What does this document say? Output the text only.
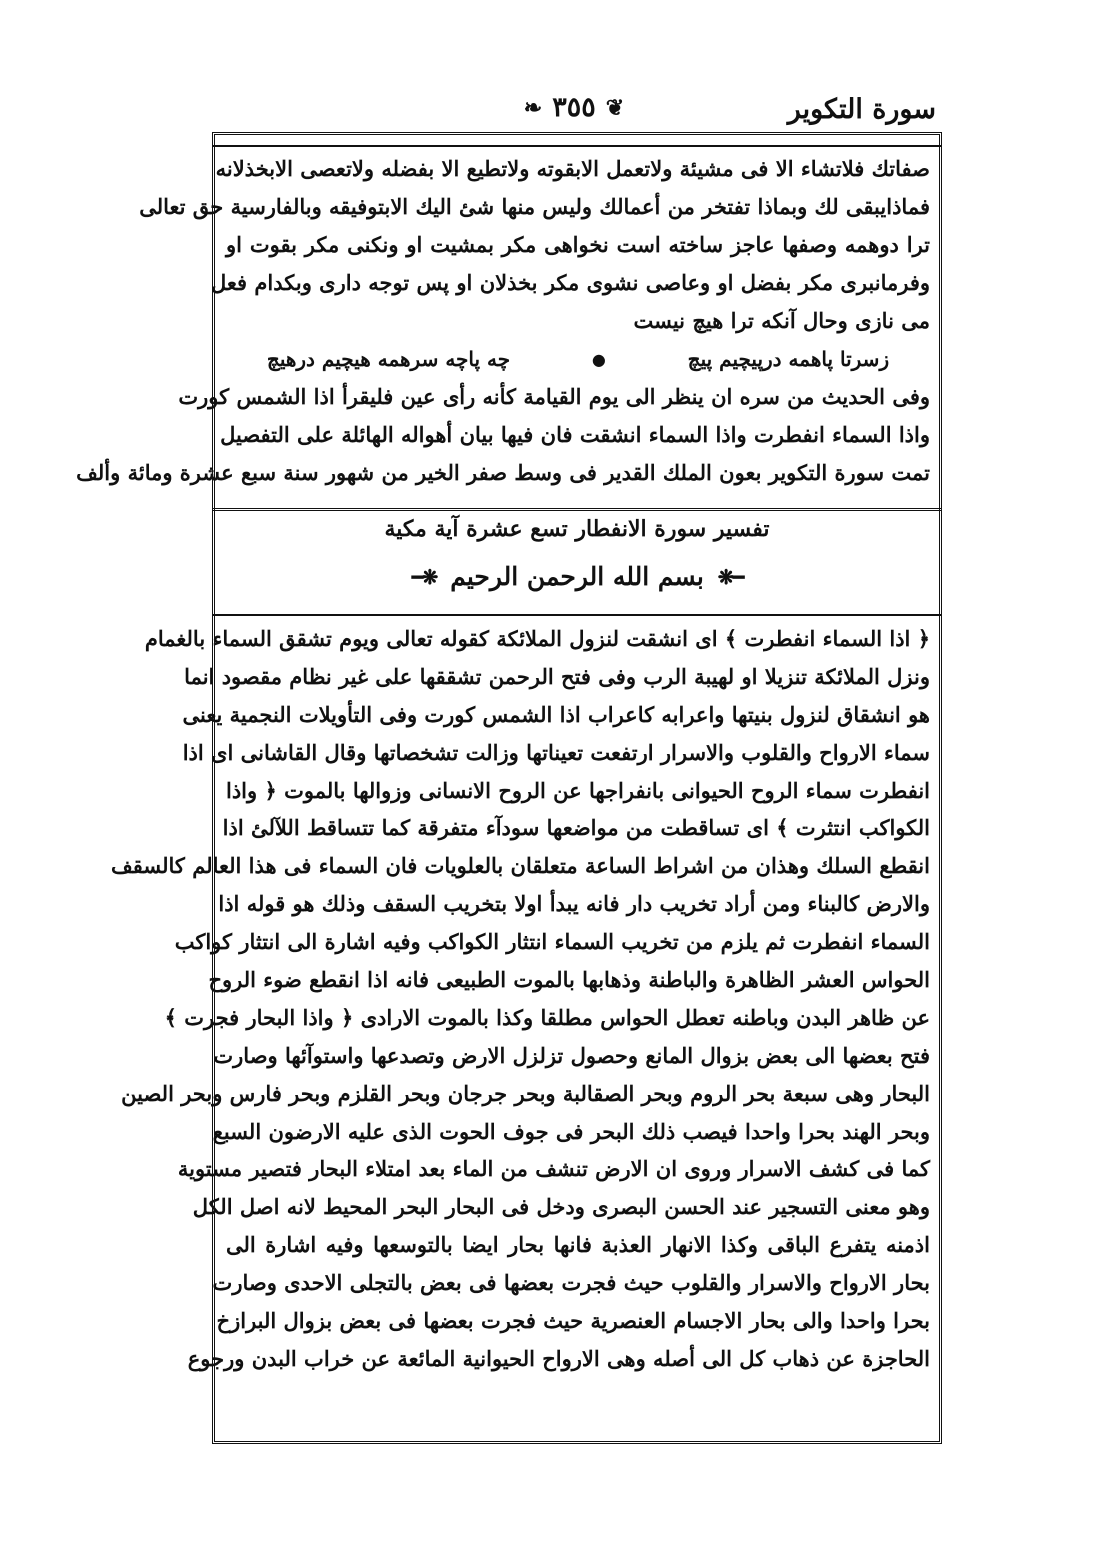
سورة التكوير
❦
٣٥٥
❧
صفاتك فلاتشاء الا فى مشيئة ولاتعمل الابقوته ولاتطيع الا بفضله ولاتعصى الابخذلانه
فماذايبقى لك وبماذا تفتخر من أعمالك وليس منها شئ اليك الابتوفيقه وبالفارسية حق تعالى
ترا دوهمه وصفها عاجز ساخته است نخواهى مكر بمشيت او ونكنى مكر بقوت او
وفرمانبرى مكر بفضل او وعاصى نشوى مكر بخذلان او پس توجه دارى وبكدام فعل
مى نازى وحال آنكه ترا هيچ نيست
زسرتا پاهمه درپيچيم پيچ
●
چه پاچه سرهمه هيچيم درهيچ
وفى الحديث من سره ان ينظر الى يوم القيامة كأنه رأى عين فليقرأ اذا الشمس كورت
واذا السماء انفطرت واذا السماء انشقت فان فيها بيان أهواله الهائلة على التفصيل
تمت سورة التكوير بعون الملك القدير فى وسط صفر الخير من شهور سنة سبع عشرة ومائة وألف
تفسير سورة الانفطار تسع عشرة آية مكية
━❋
بسم الله الرحمن الرحيم
❋━
﴿ اذا السماء انفطرت ﴾ اى انشقت لنزول الملائكة كقوله تعالى ويوم تشقق السماء بالغمام
ونزل الملائكة تنزيلا او لهيبة الرب وفى فتح الرحمن تشققها على غير نظام مقصود انما
هو انشقاق لنزول بنيتها واعرابه كاعراب اذا الشمس كورت وفى التأويلات النجمية يعنى
سماء الارواح والقلوب والاسرار ارتفعت تعيناتها وزالت تشخصاتها وقال القاشانى اى اذا
انفطرت سماء الروح الحيوانى بانفراجها عن الروح الانسانى وزوالها بالموت ﴿ واذا
الكواكب انتثرت ﴾ اى تساقطت من مواضعها سودآء متفرقة كما تتساقط اللآلئ اذا
انقطع السلك وهذان من اشراط الساعة متعلقان بالعلويات فان السماء فى هذا العالم كالسقف
والارض كالبناء ومن أراد تخريب دار فانه يبدأ اولا بتخريب السقف وذلك هو قوله اذا
السماء انفطرت ثم يلزم من تخريب السماء انتثار الكواكب وفيه اشارة الى انتثار كواكب
الحواس العشر الظاهرة والباطنة وذهابها بالموت الطبيعى فانه اذا انقطع ضوء الروح
عن ظاهر البدن وباطنه تعطل الحواس مطلقا وكذا بالموت الارادى ﴿ واذا البحار فجرت ﴾
فتح بعضها الى بعض بزوال المانع وحصول تزلزل الارض وتصدعها واستوآئها وصارت
البحار وهى سبعة بحر الروم وبحر الصقالبة وبحر جرجان وبحر القلزم وبحر فارس وبحر الصين
وبحر الهند بحرا واحدا فيصب ذلك البحر فى جوف الحوت الذى عليه الارضون السبع
كما فى كشف الاسرار وروى ان الارض تنشف من الماء بعد امتلاء البحار فتصير مستوية
وهو معنى التسجير عند الحسن البصرى ودخل فى البحار البحر المحيط لانه اصل الكل
اذمنه يتفرع الباقى وكذا الانهار العذبة فانها بحار ايضا بالتوسعها وفيه اشارة الى
بحار الارواح والاسرار والقلوب حيث فجرت بعضها فى بعض بالتجلى الاحدى وصارت
بحرا واحدا والى بحار الاجسام العنصرية حيث فجرت بعضها فى بعض بزوال البرازخ
الحاجزة عن ذهاب كل الى أصله وهى الارواح الحيوانية المائعة عن خراب البدن ورجوع
